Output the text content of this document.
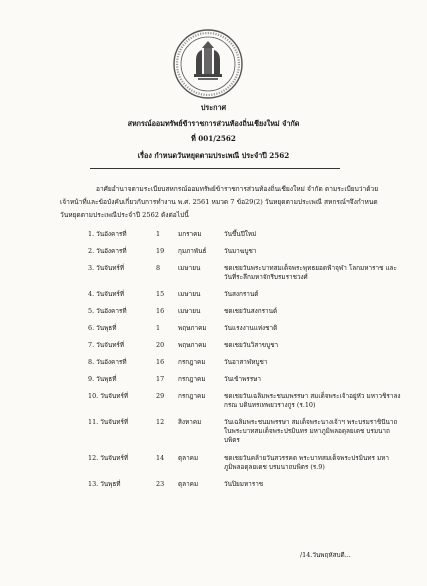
ประกาศ
สหกรณ์ออมทรัพย์ข้าราชการส่วนท้องถิ่นเชียงใหม่ จำกัด
ที่ 001/2562
เรื่อง กำหนดวันหยุดตามประเพณี ประจำปี 2562

อาศัยอำนาจตามระเบียบสหกรณ์ออมทรัพย์ข้าราชการส่วนท้องถิ่นเชียงใหม่ จำกัด ตามระเบียบว่าด้วยเจ้าหน้าที่และข้อบังคับเกี่ยวกับการทำงาน พ.ศ. 2561 หมวด 7 ข้อ29(2) วันหยุดตามประเพณี สหกรณ์ฯจึงกำหนดวันหยุดตามประเพณีประจำปี 2562 ดังต่อไปนี้

1. วันอังคารที่	1	มกราคม	วันขึ้นปีใหม่
2. วันอังคารที่	19	กุมภาพันธ์	วันมาฆบูชา
3. วันจันทร์ที่	8	เมษายน	ชดเชยวันพระบาทสมเด็จพระพุทธยอดฟ้าจุฬา โลกมหาราช และวันที่ระลึกมหาจักรีบรมราชวงศ์
4. วันจันทร์ที่	15	เมษายน	วันสงกรานต์
5. วันอังคารที่	16	เมษายน	ชดเชยวันสงกรานต์
6. วันพุธที่	1	พฤษภาคม	วันแรงงานแห่งชาติ
7. วันจันทร์ที่	20	พฤษภาคม	ชดเชยวันวิสาขบูชา
8. วันอังคารที่	16	กรกฎาคม	วันอาสาฬหบูชา
9. วันพุธที่	17	กรกฎาคม	วันเข้าพรรษา
10. วันจันทร์ที่	29	กรกฎาคม	ชดเชยวันเฉลิมพระชนมพรรษา สมเด็จพระเจ้าอยู่หัว มหาวชิราลงกรณ บดินทรเทพยวรางกูร (ร.10)
11. วันจันทร์ที่	12	สิงหาคม	วันเฉลิมพระชนมพรรษา สมเด็จพระนางเจ้าฯ พระบรมราชินีนาถ ในพระบาทสมเด็จพระปรมินทร มหาภูมิพลอดุลยเดช บรมนาถบพิตร
12. วันจันทร์ที่	14	ตุลาคม	ชดเชยวันคล้ายวันสวรรคต พระบาทสมเด็จพระปรมินทร มหาภูมิพลอดุลยเดช บรมนาถบพิตร (ร.9)
13. วันพุธที่	23	ตุลาคม	วันปิยมหาราช
/14.วันพฤหัสบดี...
